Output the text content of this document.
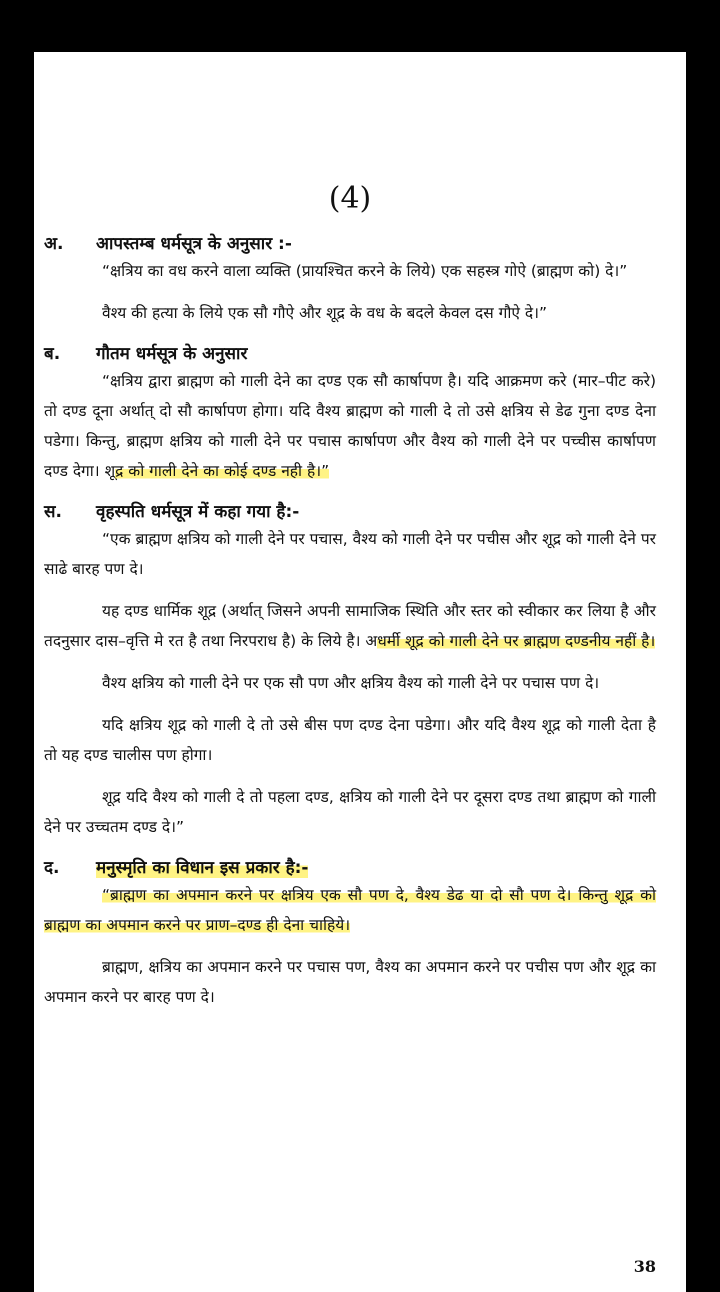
(4)
अ.	आपस्तम्ब धर्मसूत्र के अनुसार :-

“क्षत्रिय का वध करने वाला व्यक्ति (प्रायश्चित करने के लिये) एक सहस्त्र गोऐ (ब्राह्मण को) दे।”

वैश्य की हत्या के लिये एक सौ गौऐ और शूद्र के वध के बदले केवल दस गौऐ दे।”

ब.	गौतम धर्मसूत्र के अनुसार

“क्षत्रिय द्वारा ब्राह्मण को गाली देने का दण्ड एक सौ कार्षापण है। यदि आक्रमण करे (मार–पीट करे) तो दण्ड दूना अर्थात् दो सौ कार्षापण होगा। यदि वैश्य ब्राह्मण को गाली दे तो उसे क्षत्रिय से डेढ गुना दण्ड देना पडेगा। किन्तु, ब्राह्मण क्षत्रिय को गाली देने पर पचास कार्षापण और वैश्य को गाली देने पर पच्चीस कार्षापण दण्ड देगा। शूद्र को गाली देने का कोई दण्ड नही है।”

स.	वृहस्पति धर्मसूत्र में कहा गया है:-

“एक ब्राह्मण क्षत्रिय को गाली देने पर पचास, वैश्य को गाली देने पर पचीस और शूद्र को गाली देने पर साढे बारह पण दे।

यह दण्ड धार्मिक शूद्र (अर्थात् जिसने अपनी सामाजिक स्थिति और स्तर को स्वीकार कर लिया है और तदनुसार दास–वृत्ति मे रत है तथा निरपराध है) के लिये है। अधर्मी शूद्र को गाली देने पर ब्राह्मण दण्डनीय नहीं है।

वैश्य क्षत्रिय को गाली देने पर एक सौ पण और क्षत्रिय वैश्य को गाली देने पर पचास पण दे।

यदि क्षत्रिय शूद्र को गाली दे तो उसे बीस पण दण्ड देना पडेगा। और यदि वैश्य शूद्र को गाली देता है तो यह दण्ड चालीस पण होगा।

शूद्र यदि वैश्य को गाली दे तो पहला दण्ड, क्षत्रिय को गाली देने पर दूसरा दण्ड तथा ब्राह्मण को गाली देने पर उच्चतम दण्ड दे।”

द.	मनुस्मृति का विधान इस प्रकार है:-

“ब्राह्मण का अपमान करने पर क्षत्रिय एक सौ पण दे, वैश्य डेढ या दो सौ पण दे। किन्तु शूद्र को ब्राह्मण का अपमान करने पर प्राण–दण्ड ही देना चाहिये।

ब्राह्मण, क्षत्रिय का अपमान करने पर पचास पण, वैश्य का अपमान करने पर पचीस पण और शूद्र का अपमान करने पर बारह पण दे।

38
